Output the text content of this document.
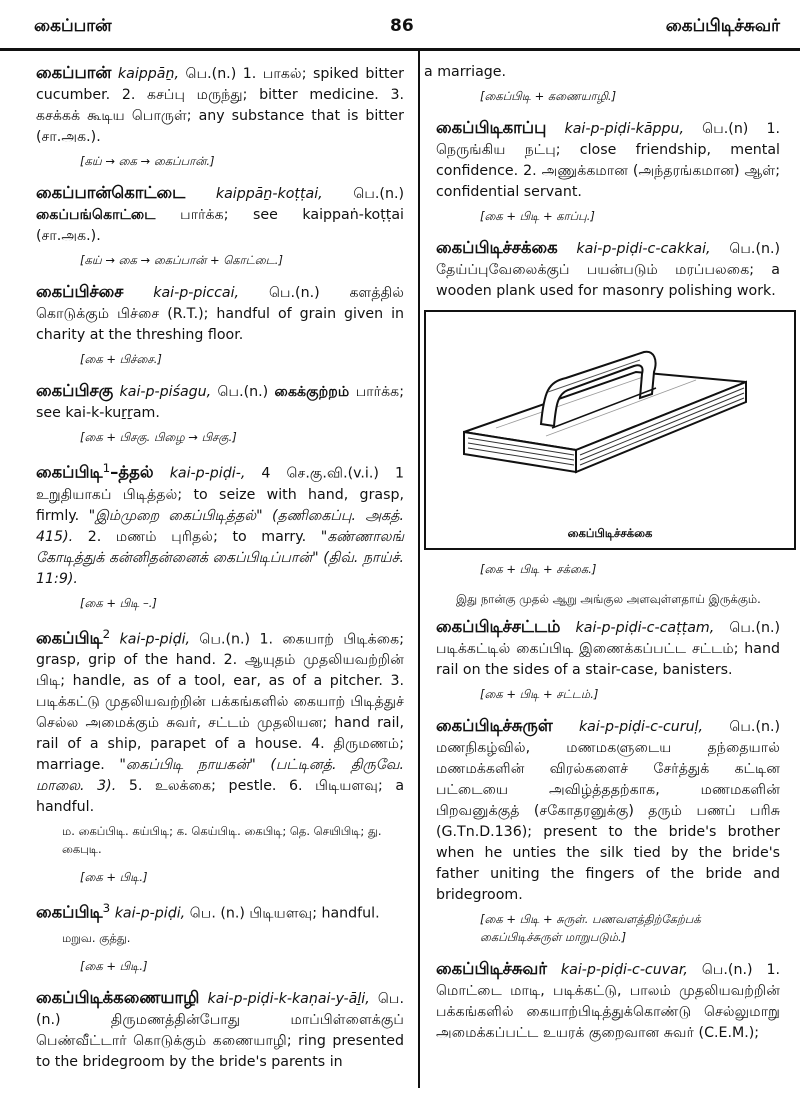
கைப்பான்	86	கைப்பிடிச்சுவர்

கைப்பான் kaippāṉ, பெ.(n.) 1. பாகல்; spiked bitter cucumber. 2. கசப்பு மருந்து; bitter medicine. 3. கசக்கக் கூடிய பொருள்; any substance that is bitter (சா.அக.).

[கய் → கை → கைப்பான்.]

கைப்பான்கொட்டை kaippāṉ-koṭṭai, பெ.(n.) கைப்பங்கொட்டை பார்க்க; see kaippaṅ-koṭṭai (சா.அக.).

[கய் → கை → கைப்பான் + கொட்டை.]

கைப்பிச்சை kai-p-piccai, பெ.(n.) களத்தில் கொடுக்கும் பிச்சை (R.T.); handful of grain given in charity at the threshing floor.

[கை + பிச்சை.]

கைப்பிசகு kai-p-piśagu, பெ.(n.) கைக்குற்றம் பார்க்க; see kai-k-kuṟṟam.

[கை + பிசகு. பிழை → பிசகு.]

கைப்பிடி$^1$–த்தல் kai-p-piḍi-, 4 செ.கு.வி.(v.i.) 1 உறுதியாகப் பிடித்தல்; to seize with hand, grasp, firmly. "இம்முறை கைப்பிடித்தல்" (தணிகைப்பு. அகத். 415). 2. மணம் புரிதல்; to marry. "கண்ணாலங் கோடித்துக் கன்னிதன்னைக் கைப்பிடிப்பான்" (திவ். நாய்ச். 11:9).

[கை + பிடி –.]

கைப்பிடி$^2$ kai-p-piḍi, பெ.(n.) 1. கையாற் பிடிக்கை; grasp, grip of the hand. 2. ஆயுதம் முதலியவற்றின் பிடி; handle, as of a tool, ear, as of a pitcher. 3. படிக்கட்டு முதலியவற்றின் பக்கங்களில் கையாற் பிடித்துச் செல்ல அமைக்கும் சுவர், சட்டம் முதலியன; hand rail, rail of a ship, parapet of a house. 4. திருமணம்; marriage. "கைப்பிடி நாயகன்" (பட்டினத். திருவே. மாலை. 3). 5. உலக்கை; pestle. 6. பிடியளவு; a handful.

ம. கைப்பிடி. கய்பிடி; க. கெய்பிடி. கைபிடி; தெ. செயிபிடி; து. கைபுடி.
[கை + பிடி.]

கைப்பிடி$^3$ kai-p-piḍi, பெ. (n.) பிடியளவு; handful.

மறுவ. குத்து.
[கை + பிடி.]

கைப்பிடிக்கணையாழி kai-p-piḍi-k-kaṇai-y-āḻi, பெ.(n.) திருமணத்தின்போது மாப்பிள்ளைக்குப் பெண்வீட்டார் கொடுக்கும் கணையாழி; ring presented to the bridegroom by the bride's parents in

a marriage.

[கைப்பிடி + கணையாழி.]

கைப்பிடிகாப்பு kai-p-piḍi-kāppu, பெ.(n) 1. நெருங்கிய நட்பு; close friendship, mental confidence. 2. அணுக்கமான (அந்தரங்கமான) ஆள்; confidential servant.

[கை + பிடி + காப்பு.]

கைப்பிடிச்சக்கை kai-p-piḍi-c-cakkai, பெ.(n.) தேய்ப்புவேலைக்குப் பயன்படும் மரப்பலகை; a wooden plank used for masonry polishing work.

கைப்பிடிச்சக்கை
[கை + பிடி + சக்கை.]
இது நான்கு முதல் ஆறு அங்குல அளவுள்ளதாய் இருக்கும்.

கைப்பிடிச்சட்டம் kai-p-piḍi-c-caṭṭam, பெ.(n.) படிக்கட்டில் கைப்பிடி இணைக்கப்பட்ட சட்டம்; hand rail on the sides of a stair-case, banisters.

[கை + பிடி + சட்டம்.]

கைப்பிடிச்சுருள் kai-p-piḍi-c-curuḷ, பெ.(n.) மணநிகழ்வில், மணமகளுடைய தந்தையால் மணமக்களின் விரல்களைச் சேர்த்துக் கட்டின பட்டையை அவிழ்த்ததற்காக, மணமகளின் பிறவனுக்குத் (சகோதரனுக்கு) தரும் பணப் பரிசு (G.Tn.D.136); present to the bride's brother when he unties the silk tied by the bride's father uniting the fingers of the bride and bridegroom.

[கை + பிடி + சுருள். பணவளத்திற்கேற்பக் கைப்பிடிச்சுருள் மாறுபடும்.]

கைப்பிடிச்சுவர் kai-p-piḍi-c-cuvar, பெ.(n.) 1. மொட்டை மாடி, படிக்கட்டு, பாலம் முதலியவற்றின் பக்கங்களில் கையாற்பிடித்துக்கொண்டு செல்லுமாறு அமைக்கப்பட்ட உயரக் குறைவான சுவர் (C.E.M.);
